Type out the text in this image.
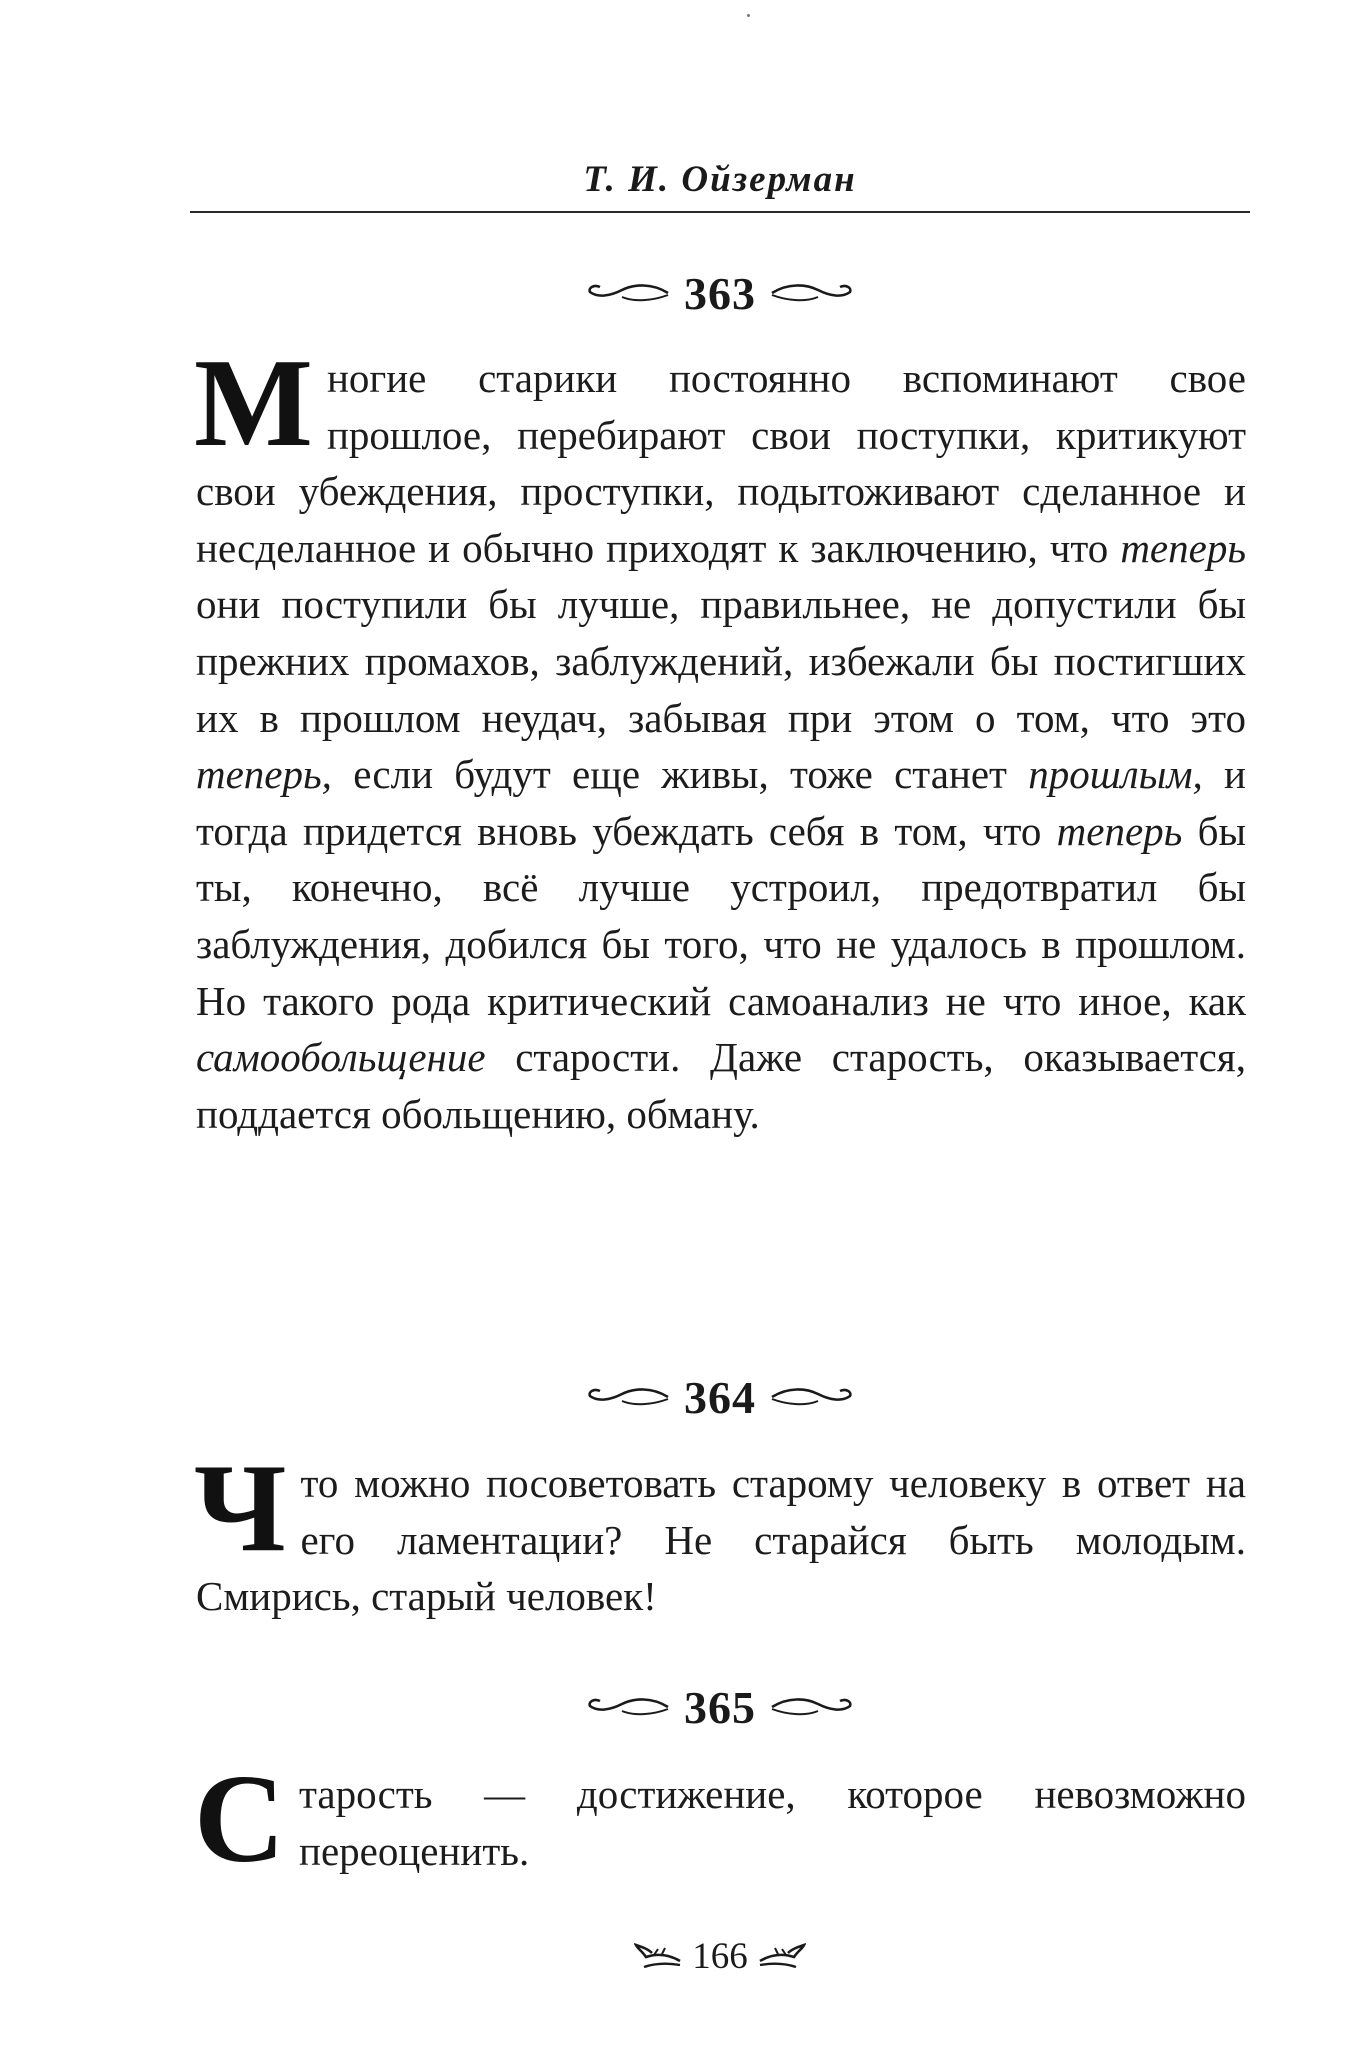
Т. И. Ойзерман
363
Многие старики постоянно вспоминают свое прошлое, перебирают свои поступки, критикуют свои убеждения, проступки, подытоживают сделанное и несделанное и обычно приходят к заключению, что теперь они поступили бы лучше, правильнее, не допустили бы прежних промахов, заблуждений, избежали бы постигших их в прошлом неудач, забывая при этом о том, что это теперь, если будут еще живы, тоже станет прошлым, и тогда придется вновь убеждать себя в том, что теперь бы ты, конечно, всё лучше устроил, предотвратил бы заблуждения, добился бы того, что не удалось в прошлом. Но такого рода критический самоанализ не что иное, как самообольщение старости. Даже старость, оказывается, поддается обольщению, обману.
364
Что можно посоветовать старому человеку в ответ на его ламентации? Не старайся быть молодым. Смирись, старый человек!
365
Старость — достижение, которое невозможно переоценить.
166
